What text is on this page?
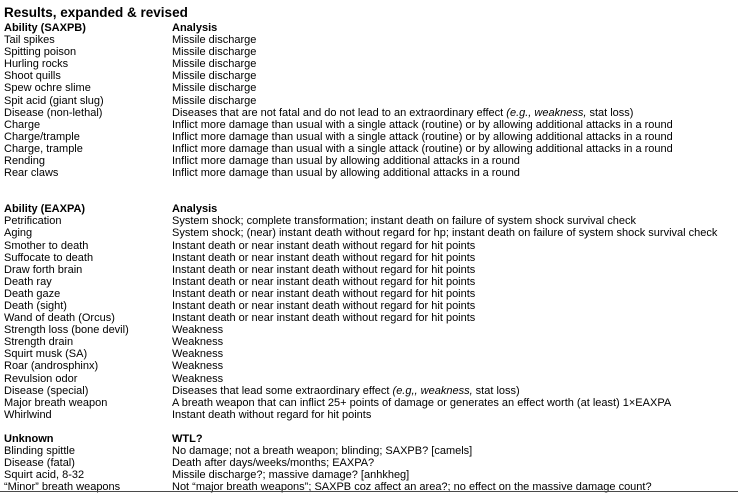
Results, expanded & revised
Ability (SAXPB)	Analysis
Tail spikes	Missile discharge
Spitting poison	Missile discharge
Hurling rocks	Missile discharge
Shoot quills	Missile discharge
Spew ochre slime	Missile discharge
Spit acid (giant slug)	Missile discharge
Disease (non-lethal)	Diseases that are not fatal and do not lead to an extraordinary effect (e.g., weakness, stat loss)
Charge	Inflict more damage than usual with a single attack (routine) or by allowing additional attacks in a round
Charge/trample	Inflict more damage than usual with a single attack (routine) or by allowing additional attacks in a round
Charge, trample	Inflict more damage than usual with a single attack (routine) or by allowing additional attacks in a round
Rending	Inflict more damage than usual by allowing additional attacks in a round
Rear claws	Inflict more damage than usual by allowing additional attacks in a round
Ability (EAXPA)	Analysis
Petrification	System shock; complete transformation; instant death on failure of system shock survival check
Aging	System shock; (near) instant death without regard for hp; instant death on failure of system shock survival check
Smother to death	Instant death or near instant death without regard for hit points
Suffocate to death	Instant death or near instant death without regard for hit points
Draw forth brain	Instant death or near instant death without regard for hit points
Death ray	Instant death or near instant death without regard for hit points
Death gaze	Instant death or near instant death without regard for hit points
Death (sight)	Instant death or near instant death without regard for hit points
Wand of death (Orcus)	Instant death or near instant death without regard for hit points
Strength loss (bone devil)	Weakness
Strength drain	Weakness
Squirt musk (SA)	Weakness
Roar (androsphinx)	Weakness
Revulsion odor	Weakness
Disease (special)	Diseases that lead some extraordinary effect (e.g,, weakness, stat loss)
Major breath weapon	A breath weapon that can inflict 25+ points of damage or generates an effect worth (at least) 1×EAXPA
Whirlwind	Instant death without regard for hit points
Unknown	WTL?
Blinding spittle	No damage; not a breath weapon; blinding; SAXPB? [camels]
Disease (fatal)	Death after days/weeks/months; EAXPA?
Squirt acid, 8-32	Missile discharge?; massive damage? [anhkheg]
“Minor” breath weapons	Not “major breath weapons”; SAXPB coz affect an area?; no effect on the massive damage count?
